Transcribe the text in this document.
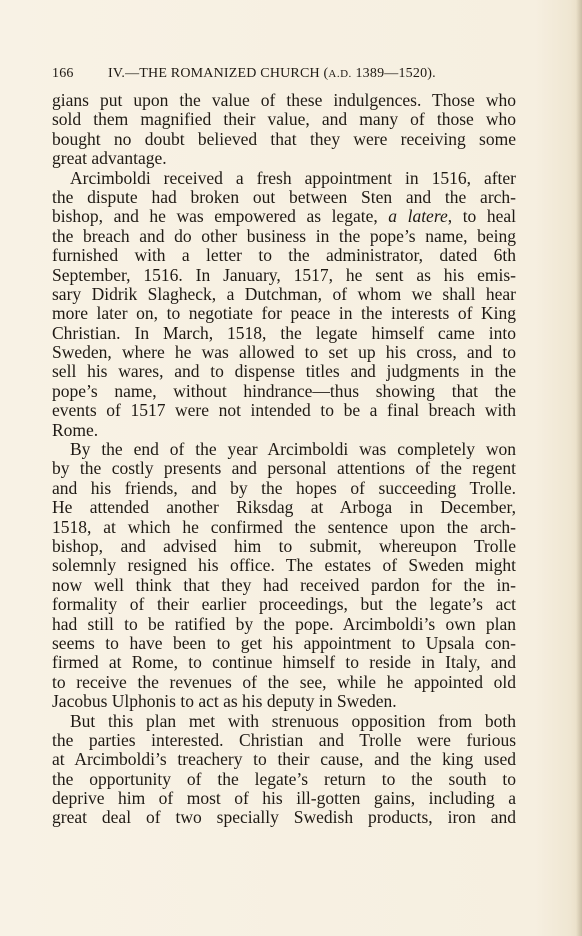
166 IV.—THE ROMANIZED CHURCH (A.D. 1389—1520).
gians put upon the value of these indulgences. Those who
sold them magnified their value, and many of those who
bought no doubt believed that they were receiving some
great advantage.
Arcimboldi received a fresh appointment in 1516, after
the dispute had broken out between Sten and the arch-
bishop, and he was empowered as legate, a latere, to heal
the breach and do other business in the pope’s name, being
furnished with a letter to the administrator, dated 6th
September, 1516. In January, 1517, he sent as his emis-
sary Didrik Slagheck, a Dutchman, of whom we shall hear
more later on, to negotiate for peace in the interests of King
Christian. In March, 1518, the legate himself came into
Sweden, where he was allowed to set up his cross, and to
sell his wares, and to dispense titles and judgments in the
pope’s name, without hindrance—thus showing that the
events of 1517 were not intended to be a final breach with
Rome.
By the end of the year Arcimboldi was completely won
by the costly presents and personal attentions of the regent
and his friends, and by the hopes of succeeding Trolle.
He attended another Riksdag at Arboga in December,
1518, at which he confirmed the sentence upon the arch-
bishop, and advised him to submit, whereupon Trolle
solemnly resigned his office. The estates of Sweden might
now well think that they had received pardon for the in-
formality of their earlier proceedings, but the legate’s act
had still to be ratified by the pope. Arcimboldi’s own plan
seems to have been to get his appointment to Upsala con-
firmed at Rome, to continue himself to reside in Italy, and
to receive the revenues of the see, while he appointed old
Jacobus Ulphonis to act as his deputy in Sweden.
But this plan met with strenuous opposition from both
the parties interested. Christian and Trolle were furious
at Arcimboldi’s treachery to their cause, and the king used
the opportunity of the legate’s return to the south to
deprive him of most of his ill-gotten gains, including a
great deal of two specially Swedish products, iron and
